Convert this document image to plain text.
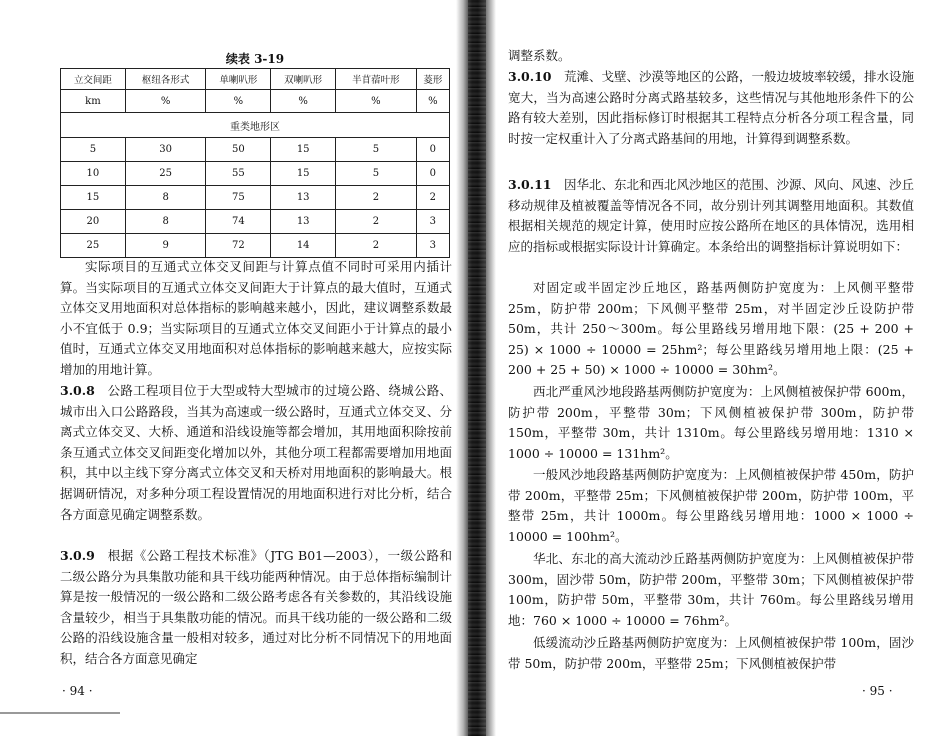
续表 3-19
立交间距	枢纽各形式	单喇叭形	双喇叭形	半苜蓿叶形	菱形
km	%	%	%	%	%
重类地形区					
5	30	50	15	5	0
10	25	55	15	5	0
15	8	75	13	2	2
20	8	74	13	2	3
25	9	72	14	2	3

实际项目的互通式立体交叉间距与计算点值不同时可采用内插计算。当实际项目的互通式立体交叉间距大于计算点的最大值时，互通式立体交叉用地面积对总体指标的影响越来越小，因此，建议调整系数最小不宜低于 0.9；当实际项目的互通式立体交叉间距小于计算点的最小值时，互通式立体交叉用地面积对总体指标的影响越来越大，应按实际增加的用地计算。

3.0.8  公路工程项目位于大型或特大型城市的过境公路、绕城公路、城市出入口公路路段，当其为高速或一级公路时，互通式立体交叉、分离式立体交叉、大桥、通道和沿线设施等都会增加，其用地面积除按前条互通式立体交叉间距变化增加以外，其他分项工程都需要增加用地面积，其中以主线下穿分离式立体交叉和天桥对用地面积的影响最大。根据调研情况，对多种分项工程设置情况的用地面积进行对比分析，结合各方面意见确定调整系数。

3.0.9  根据《公路工程技术标准》（JTG B01—2003），一级公路和二级公路分为具集散功能和具干线功能两种情况。由于总体指标编制计算是按一般情况的一级公路和二级公路考虑各有关参数的，其沿线设施含量较少，相当于具集散功能的情况。而具干线功能的一级公路和二级公路的沿线设施含量一般相对较多，通过对比分析不同情况下的用地面积，结合各方面意见确定

· 94 ·

调整系数。

3.0.10  荒滩、戈壁、沙漠等地区的公路，一般边坡坡率较缓，排水设施宽大，当为高速公路时分离式路基较多，这些情况与其他地形条件下的公路有较大差别，因此指标修订时根据其工程特点分析各分项工程含量，同时按一定权重计入了分离式路基间的用地，计算得到调整系数。

3.0.11  因华北、东北和西北风沙地区的范围、沙源、风向、风速、沙丘移动规律及植被覆盖等情况各不同，故分别计列其调整用地面积。其数值根据相关规范的规定计算，使用时应按公路所在地区的具体情况，选用相应的指标或根据实际设计计算确定。本条给出的调整指标计算说明如下：

对固定或半固定沙丘地区，路基两侧防护宽度为：上风侧平整带 25m，防护带 200m；下风侧平整带 25m，对半固定沙丘设防护带 50m，共计 250～300m。每公里路线另增用地下限：(25 + 200 + 25) × 1000 ÷ 10000 = 25hm²；每公里路线另增用地上限：(25 + 200 + 25 + 50) × 1000 ÷ 10000 = 30hm²。

西北严重风沙地段路基两侧防护宽度为：上风侧植被保护带 600m，防护带 200m，平整带 30m；下风侧植被保护带 300m，防护带 150m，平整带 30m，共计 1310m。每公里路线另增用地：1310 × 1000 ÷ 10000 = 131hm²。

一般风沙地段路基两侧防护宽度为：上风侧植被保护带 450m，防护带 200m，平整带 25m；下风侧植被保护带 200m，防护带 100m，平整带 25m，共计 1000m。每公里路线另增用地：1000 × 1000 ÷ 10000 = 100hm²。

华北、东北的高大流动沙丘路基两侧防护宽度为：上风侧植被保护带 300m，固沙带 50m，防护带 200m，平整带 30m；下风侧植被保护带 100m，防护带 50m，平整带 30m，共计 760m。每公里路线另增用地：760 × 1000 ÷ 10000 = 76hm²。

低缓流动沙丘路基两侧防护宽度为：上风侧植被保护带 100m，固沙带 50m，防护带 200m，平整带 25m；下风侧植被保护带

· 95 ·
